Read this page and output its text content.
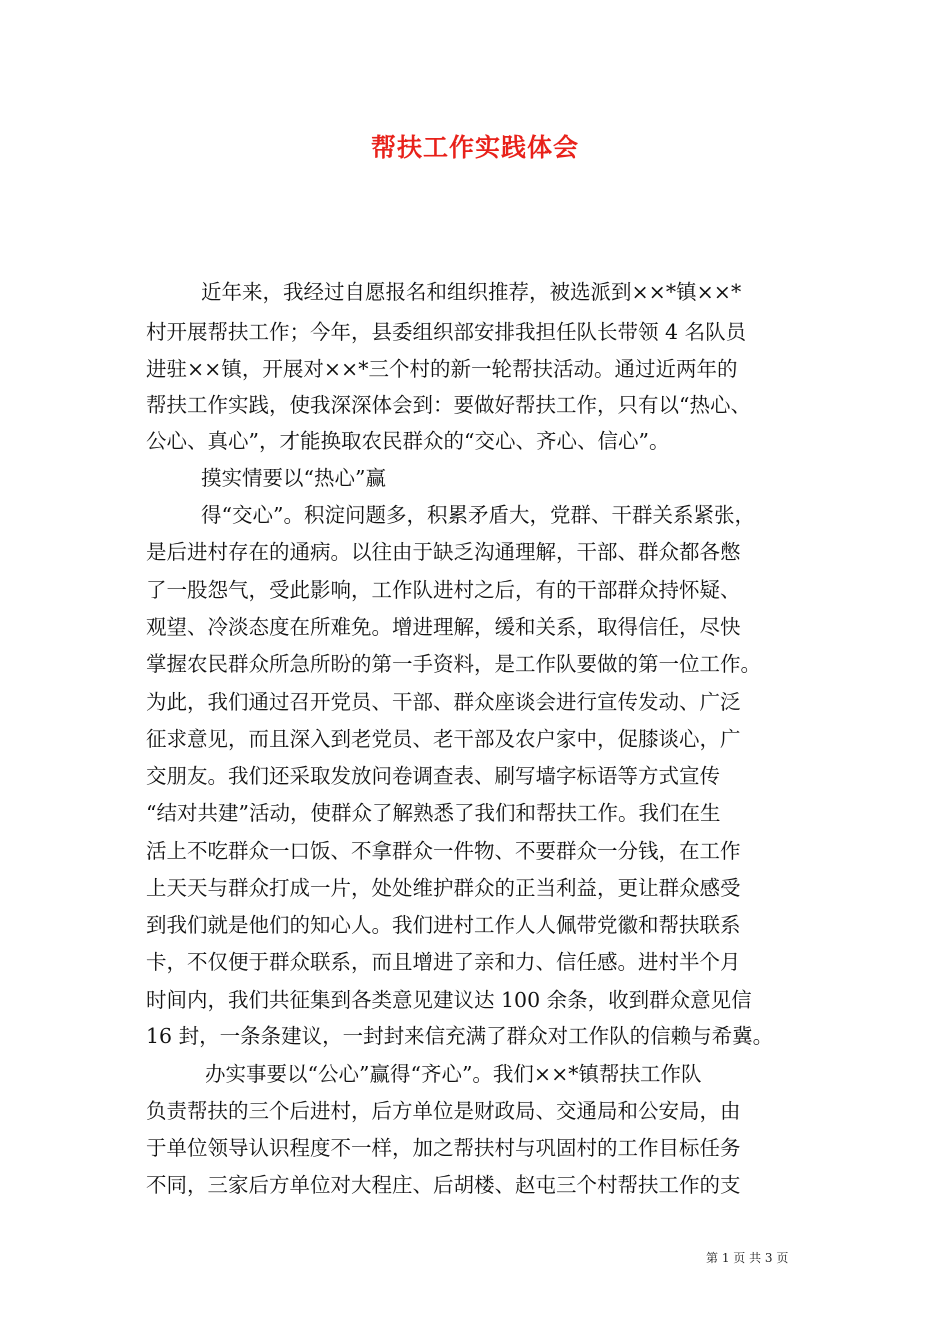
帮扶工作实践体会
近年来，我经过自愿报名和组织推荐，被选派到××*镇××*
村开展帮扶工作；今年，县委组织部安排我担任队长带领 4 名队员
进驻××镇，开展对××*三个村的新一轮帮扶活动。通过近两年的
帮扶工作实践，使我深深体会到：要做好帮扶工作，只有以“热心、
公心、真心”，才能换取农民群众的“交心、齐心、信心”。
摸实情要以“热心”赢
得“交心”。积淀问题多，积累矛盾大，党群、干群关系紧张，
是后进村存在的通病。以往由于缺乏沟通理解，干部、群众都各憋
了一股怨气，受此影响，工作队进村之后，有的干部群众持怀疑、
观望、冷淡态度在所难免。增进理解，缓和关系，取得信任，尽快
掌握农民群众所急所盼的第一手资料，是工作队要做的第一位工作。
为此，我们通过召开党员、干部、群众座谈会进行宣传发动、广泛
征求意见，而且深入到老党员、老干部及农户家中，促膝谈心，广
交朋友。我们还采取发放问卷调查表、刷写墙字标语等方式宣传
“结对共建”活动，使群众了解熟悉了我们和帮扶工作。我们在生
活上不吃群众一口饭、不拿群众一件物、不要群众一分钱，在工作
上天天与群众打成一片，处处维护群众的正当利益，更让群众感受
到我们就是他们的知心人。我们进村工作人人佩带党徽和帮扶联系
卡，不仅便于群众联系，而且增进了亲和力、信任感。进村半个月
时间内，我们共征集到各类意见建议达 100 余条，收到群众意见信
16 封，一条条建议，一封封来信充满了群众对工作队的信赖与希冀。
办实事要以“公心”赢得“齐心”。我们××*镇帮扶工作队
负责帮扶的三个后进村，后方单位是财政局、交通局和公安局，由
于单位领导认识程度不一样，加之帮扶村与巩固村的工作目标任务
不同，三家后方单位对大程庄、后胡楼、赵屯三个村帮扶工作的支
第 1 页 共 3 页
